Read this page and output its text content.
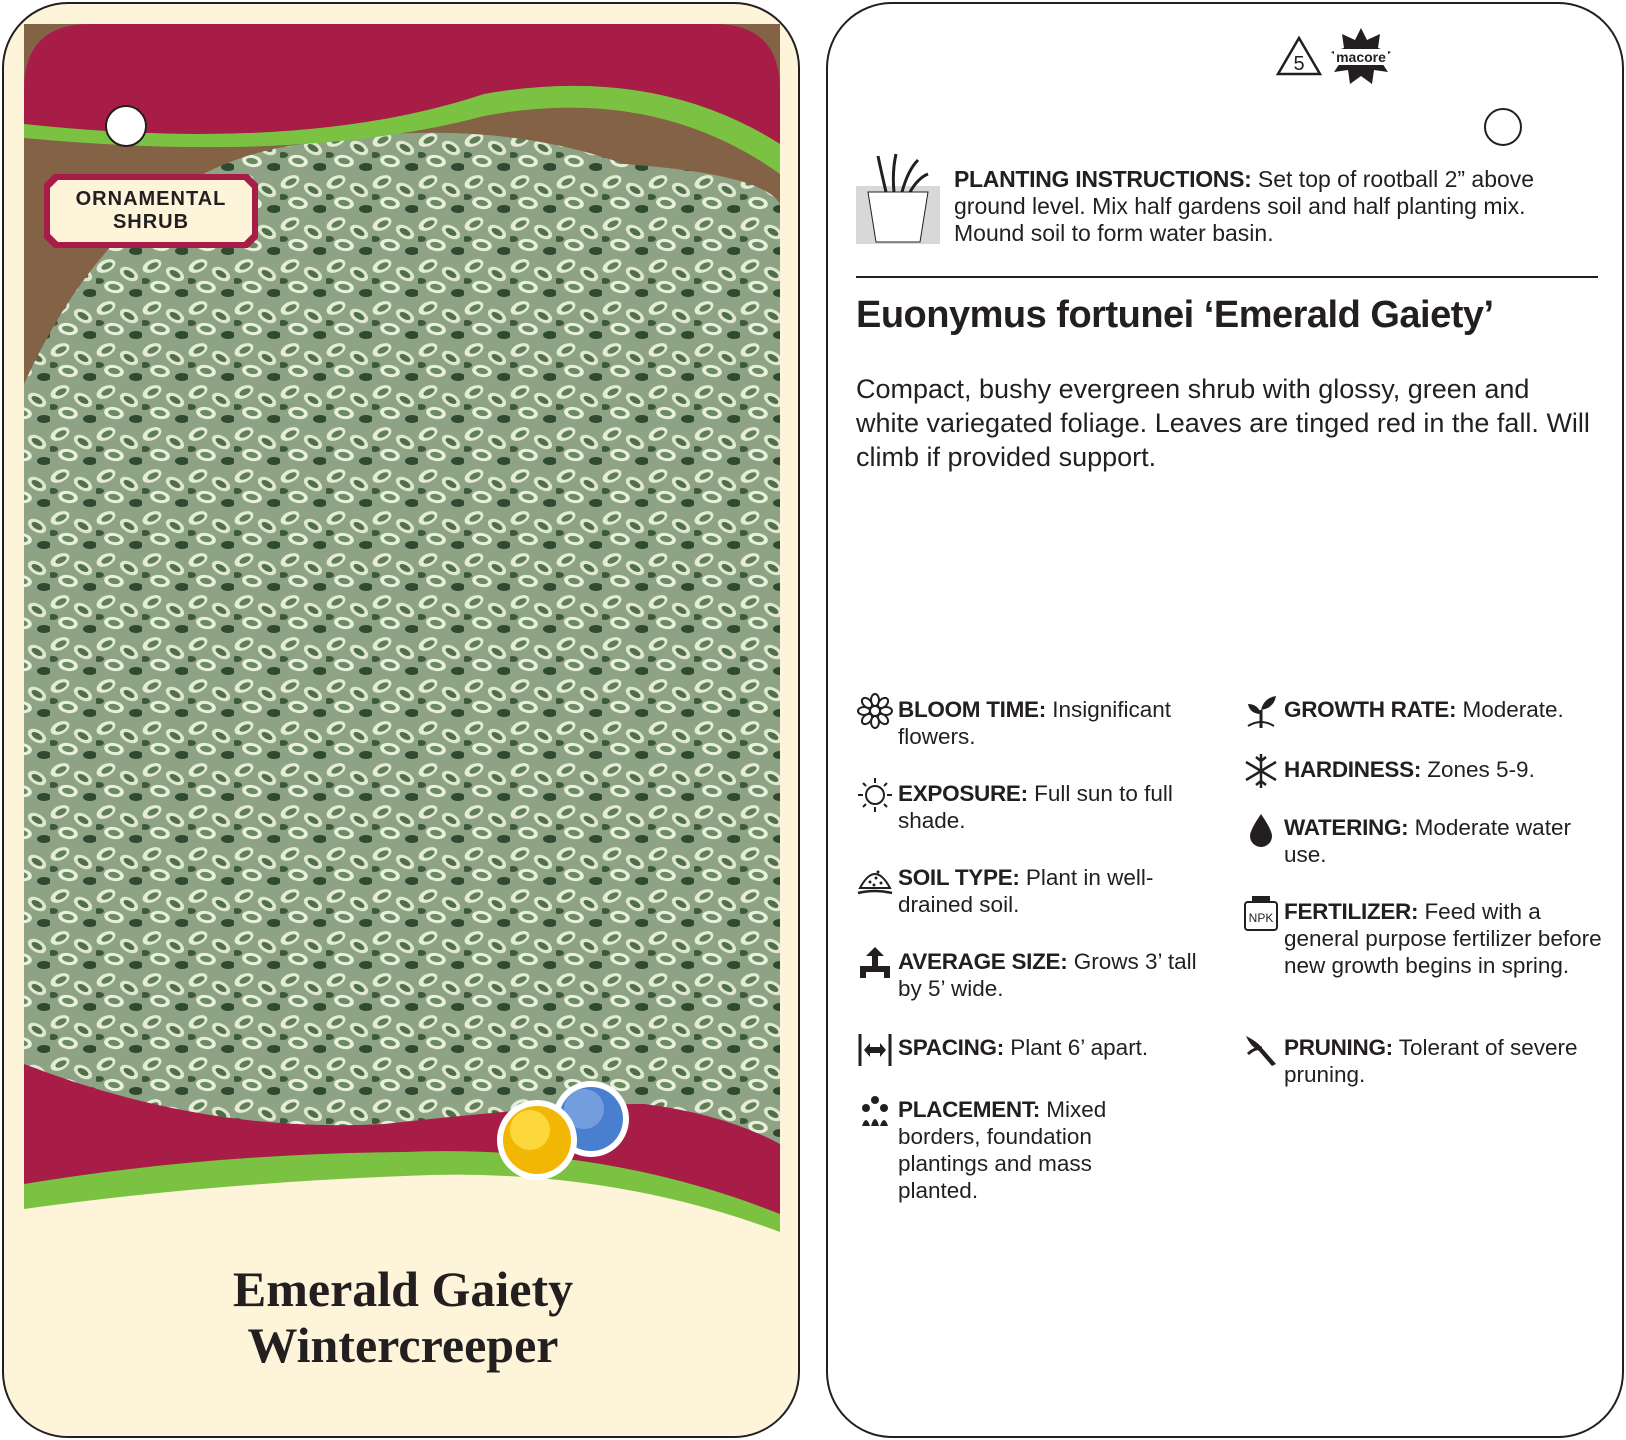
ORNAMENTAL
SHRUB
Emerald Gaiety
Wintercreeper
5 macore
PLANTING INSTRUCTIONS: Set top of rootball 2” above ground level. Mix half gardens soil and half planting mix. Mound soil to form water basin.
Euonymus fortunei ‘Emerald Gaiety’
Compact, bushy evergreen shrub with glossy, green and white variegated foliage. Leaves are tinged red in the fall. Will climb if provided support.
BLOOM TIME: Insignificant flowers.
EXPOSURE: Full sun to full shade.
SOIL TYPE: Plant in well-drained soil.
AVERAGE SIZE: Grows 3’ tall by 5’ wide.
SPACING: Plant 6’ apart.
PLACEMENT: Mixed borders, foundation plantings and mass planted.
GROWTH RATE: Moderate.
HARDINESS: Zones 5-9.
WATERING: Moderate water use.
NPK FERTILIZER: Feed with a general purpose fertilizer before new growth begins in spring.
PRUNING: Tolerant of severe pruning.
